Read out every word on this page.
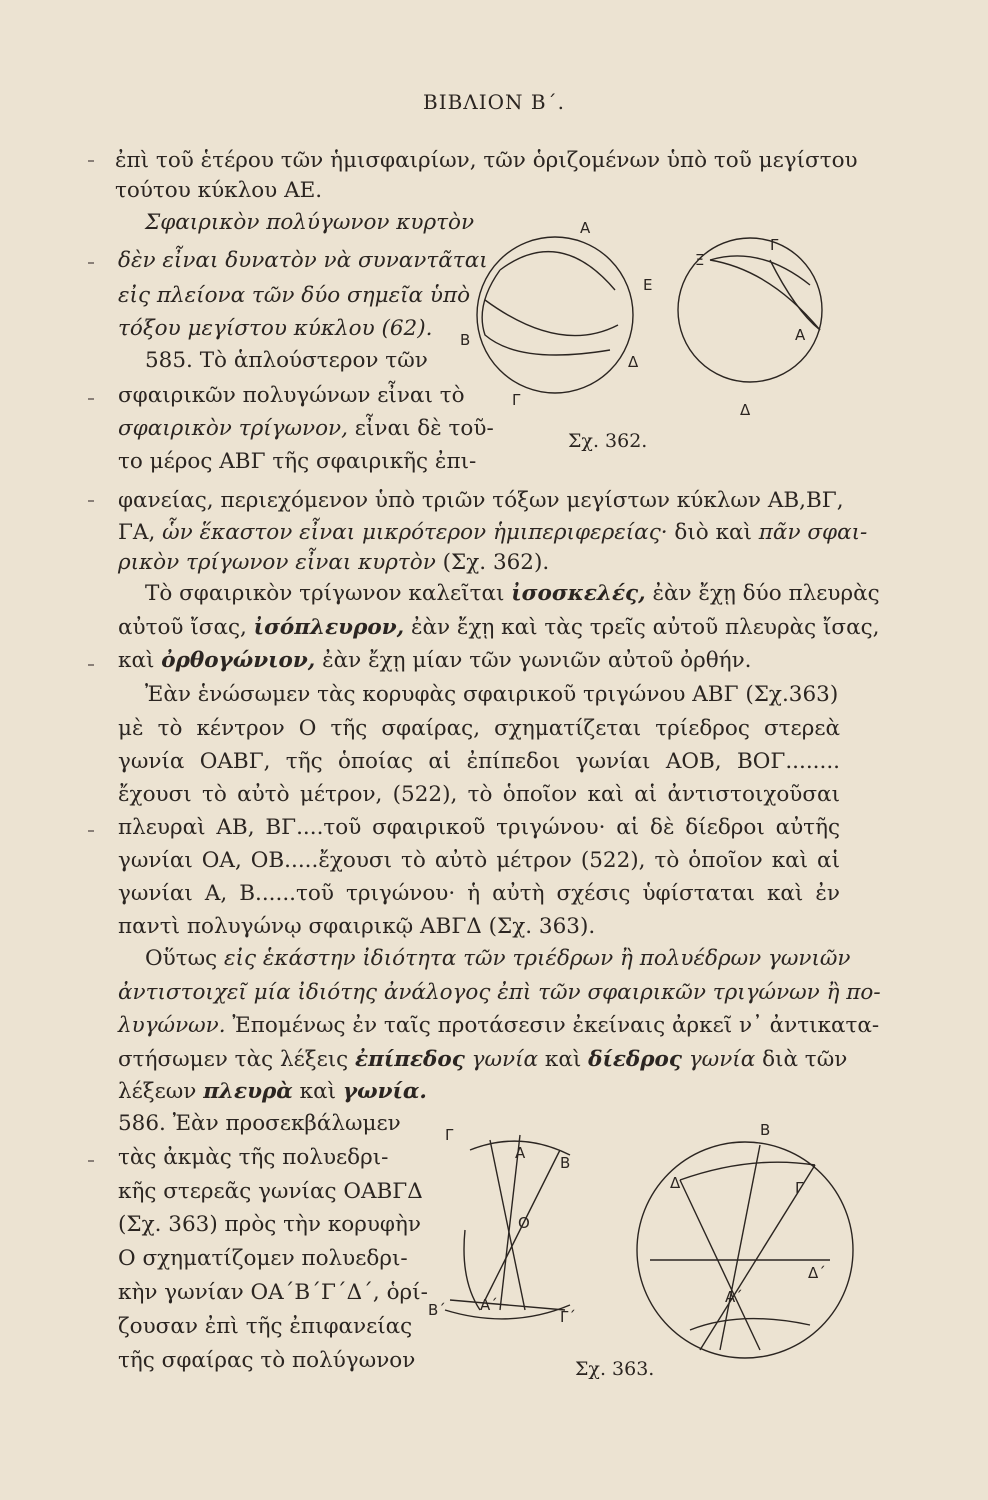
ΒΙΒΛΙΟΝ Β΄.
ἐπὶ τοῦ ἑτέρου τῶν ἡμισφαιρίων, τῶν ὁριζομένων ὑπὸ τοῦ μεγίστου
τούτου κύκλου ΑΕ.
Σφαιρικὸν πολύγωνον κυρτὸν
δὲν εἶναι δυνατὸν νὰ συναντᾶται
εἰς πλείονα τῶν δύο σημεῖα ὑπὸ
τόξου μεγίστου κύκλου (62).
585. Τὸ ἁπλούστερον τῶν
σφαιρικῶν πολυγώνων εἶναι τὸ
σφαιρικὸν τρίγωνον, εἶναι δὲ τοῦ-
το μέρος ΑΒΓ τῆς σφαιρικῆς ἐπι-
φανείας, περιεχόμενον ὑπὸ τριῶν τόξων μεγίστων κύκλων ΑΒ,ΒΓ,
ΓΑ, ὧν ἕκαστον εἶναι μικρότερον ἡμιπεριφερείας· διὸ καὶ πᾶν σφαι-
ρικὸν τρίγωνον εἶναι κυρτὸν (Σχ. 362).
Τὸ σφαιρικὸν τρίγωνον καλεῖται ἰσοσκελές, ἐὰν ἔχῃ δύο πλευρὰς
αὐτοῦ ἴσας, ἰσόπλευρον, ἐὰν ἔχῃ καὶ τὰς τρεῖς αὐτοῦ πλευρὰς ἴσας,
καὶ ὀρθογώνιον, ἐὰν ἔχῃ μίαν τῶν γωνιῶν αὐτοῦ ὀρθήν.
Ἐὰν ἑνώσωμεν τὰς κορυφὰς σφαιρικοῦ τριγώνου ΑΒΓ (Σχ.363)
μὲ τὸ κέντρον Ο τῆς σφαίρας, σχηματίζεται τρίεδρος στερεὰ
γωνία ΟΑΒΓ, τῆς ὁποίας αἱ ἐπίπεδοι γωνίαι ΑΟΒ, ΒΟΓ........
ἔχουσι τὸ αὐτὸ μέτρον, (522), τὸ ὁποῖον καὶ αἱ ἀντιστοιχοῦσαι
πλευραὶ ΑΒ, ΒΓ....τοῦ σφαιρικοῦ τριγώνου· αἱ δὲ δίεδροι αὐτῆς
γωνίαι ΟΑ, ΟΒ.....ἔχουσι τὸ αὐτὸ μέτρον (522), τὸ ὁποῖον καὶ αἱ
γωνίαι Α, Β......τοῦ τριγώνου· ἡ αὐτὴ σχέσις ὑφίσταται καὶ ἐν
παντὶ πολυγώνῳ σφαιρικῷ ΑΒΓΔ (Σχ. 363).
Οὕτως εἰς ἑκάστην ἰδιότητα τῶν τριέδρων ἢ πολυέδρων γωνιῶν
ἀντιστοιχεῖ μία ἰδιότης ἀνάλογος ἐπὶ τῶν σφαιρικῶν τριγώνων ἢ πο-
λυγώνων. Ἐπομένως ἐν ταῖς προτάσεσιν ἐκείναις ἀρκεῖ ν᾽ ἀντικατα-
στήσωμεν τὰς λέξεις ἐπίπεδος γωνία καὶ δίεδρος γωνία διὰ τῶν
λέξεων πλευρὰ καὶ γωνία.
586. Ἐὰν προσεκβάλωμεν
τὰς ἀκμὰς τῆς πολυεδρι-
κῆς στερεᾶς γωνίας ΟΑΒΓΔ
(Σχ. 363) πρὸς τὴν κορυφὴν
Ο σχηματίζομεν πολυεδρι-
κὴν γωνίαν ΟΑ΄Β΄Γ΄Δ΄, ὁρί-
ζουσαν ἐπὶ τῆς ἐπιφανείας
τῆς σφαίρας τὸ πολύγωνον
Α
Ε
Β
Γ
Δ
Γ
Ξ
Α
Δ
Σχ. 362.
Γ
Α
Β
Ο
Β΄ Α΄
Γ΄
Β
Δ	Γ
Δ΄
Α΄
Σχ. 363.
